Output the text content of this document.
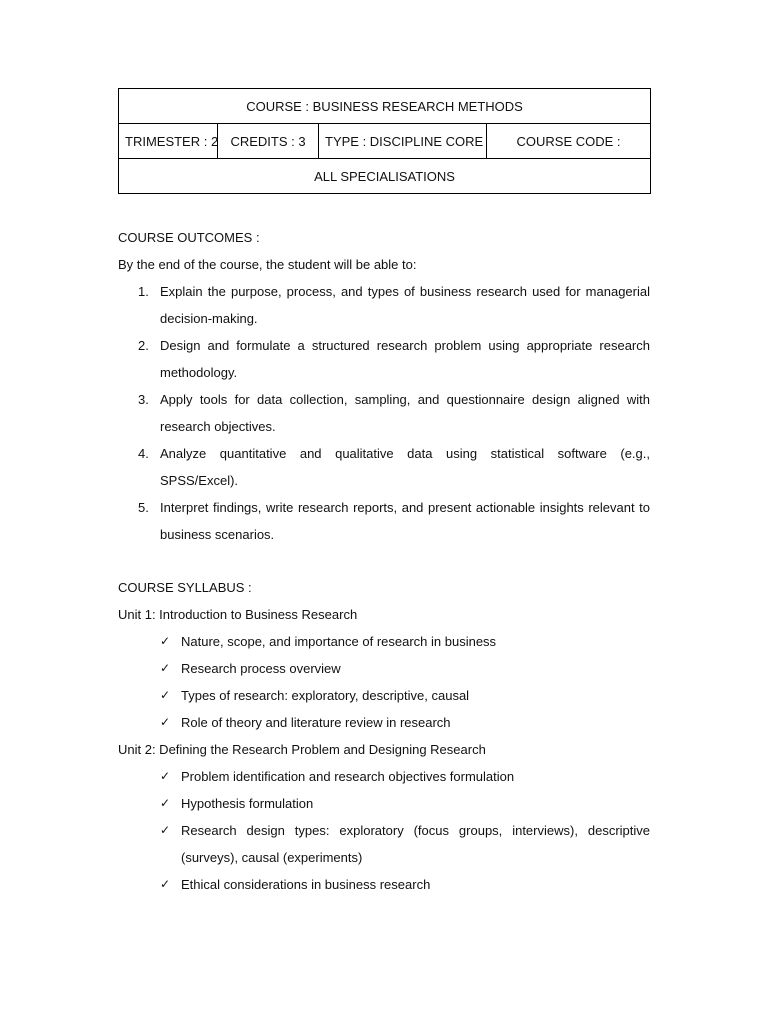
COURSE : BUSINESS RESEARCH METHODS
TRIMESTER : 2	CREDITS : 3	TYPE : DISCIPLINE CORE	COURSE CODE :
ALL SPECIALISATIONS
COURSE OUTCOMES :
By the end of the course, the student will be able to:
1. Explain the purpose, process, and types of business research used for managerial decision-making.
2. Design and formulate a structured research problem using appropriate research methodology.
3. Apply tools for data collection, sampling, and questionnaire design aligned with research objectives.
4. Analyze quantitative and qualitative data using statistical software (e.g., SPSS/Excel).
5. Interpret findings, write research reports, and present actionable insights relevant to business scenarios.
COURSE SYLLABUS :
Unit 1: Introduction to Business Research
✓ Nature, scope, and importance of research in business
✓ Research process overview
✓ Types of research: exploratory, descriptive, causal
✓ Role of theory and literature review in research
Unit 2: Defining the Research Problem and Designing Research
✓ Problem identification and research objectives formulation
✓ Hypothesis formulation
✓ Research design types: exploratory (focus groups, interviews), descriptive (surveys), causal (experiments)
✓ Ethical considerations in business research
